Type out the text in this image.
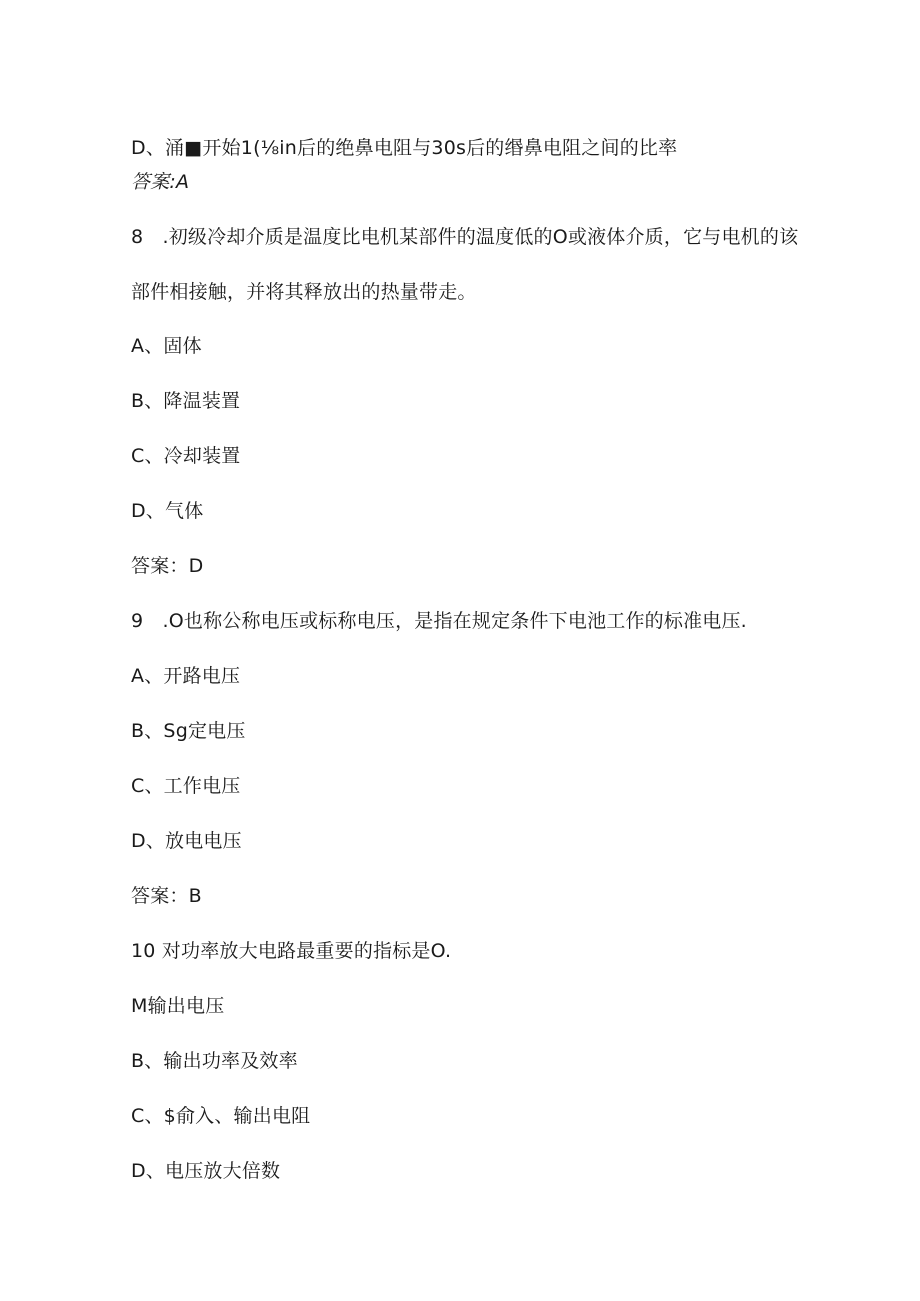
D、涌■开始1(⅛in后的绝鼻电阻与30s后的缗鼻电阻之间的比率
答案:A
8　.初级冷却介质是温度比电机某部件的温度低的O或液体介质，它与电机的该
部件相接触，并将其释放出的热量带走。
A、固体
B、降温装置
C、冷却装置
D、气体
答案：D
9　.O也称公称电压或标称电压，是指在规定条件下电池工作的标准电压.
A、开路电压
B、Sg定电压
C、工作电压
D、放电电压
答案：B
10 对功率放大电路最重要的指标是O.
M输出电压
B、输出功率及效率
C、$俞入、输出电阻
D、电压放大倍数
